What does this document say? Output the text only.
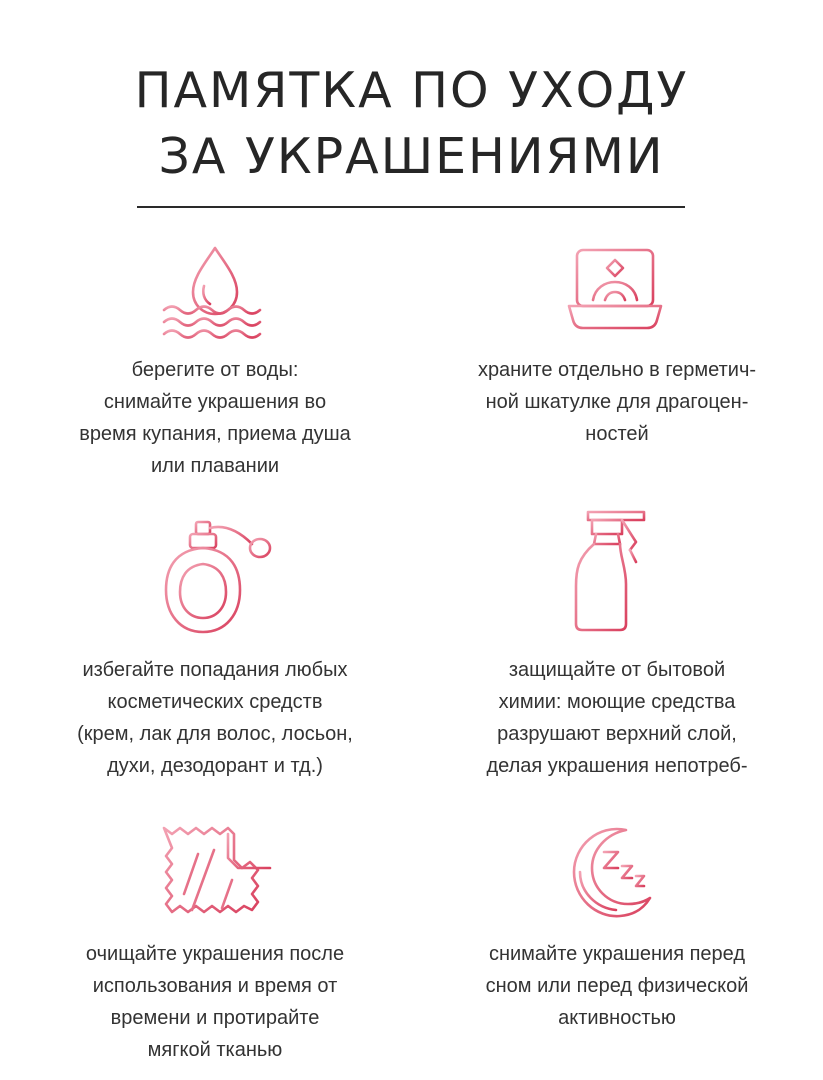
ПАМЯТКА ПО УХОДУ
ЗА УКРАШЕНИЯМИ
берегите от воды:
снимайте украшения во
время купания, приема душа
или плавании
храните отдельно в герметич-
ной шкатулке для драгоцен-
ностей
избегайте попадания любых
косметических средств
(крем, лак для волос, лосьон,
духи, дезодорант и тд.)
защищайте от бытовой
химии: моющие средства
разрушают верхний слой,
делая украшения непотреб-
очищайте украшения после
использования и время от
времени и протирайте
мягкой тканью
снимайте украшения перед
сном или перед физической
активностью
